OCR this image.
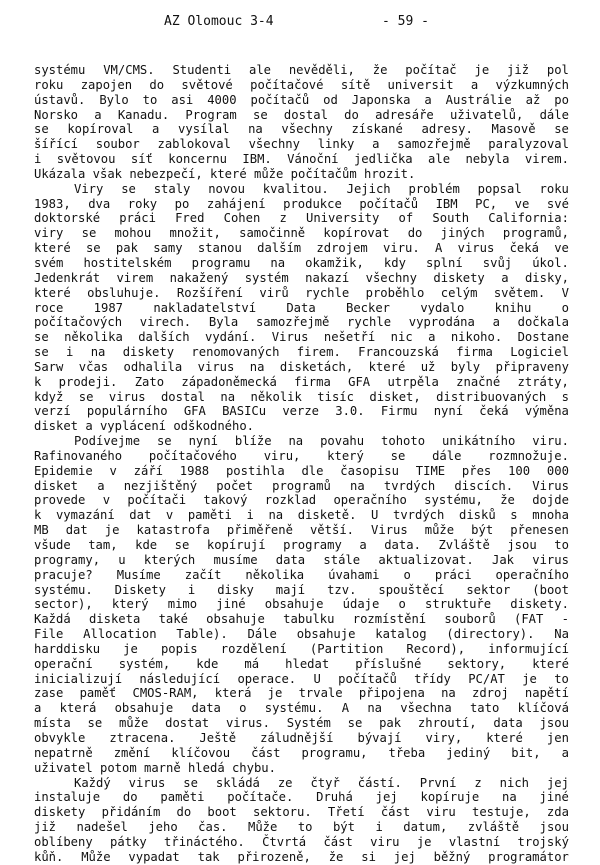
AZ Olomouc 3-4	- 59 -
systému VM/CMS. Studenti ale nevěděli, že počítač je již pol
roku zapojen do světové počítačové sítě universit a výzkumných
ústavů. Bylo to asi 4000 počítačů od Japonska a Austrálie až po
Norsko a Kanadu. Program se dostal do adresáře uživatelů, dále
se kopíroval a vysílal na všechny získané adresy. Masově se
šířící soubor zablokoval všechny linky a samozřejmě paralyzoval
i světovou síť koncernu IBM. Vánoční jedlička ale nebyla virem.
Ukázala však nebezpečí, které může počítačům hrozit.
Viry se staly novou kvalitou. Jejich problém popsal roku
1983, dva roky po zahájení produkce počítačů IBM PC, ve své
doktorské práci Fred Cohen z University of South California:
viry se mohou množit, samočinně kopírovat do jiných programů,
které se pak samy stanou dalším zdrojem viru. A virus čeká ve
svém hostitelském programu na okamžik, kdy splní svůj úkol.
Jedenkrát virem nakažený systém nakazí všechny diskety a disky,
které obsluhuje. Rozšíření virů rychle proběhlo celým světem. V
roce 1987 nakladatelství Data Becker vydalo knihu o
počítačových virech. Byla samozřejmě rychle vyprodána a dočkala
se několika dalších vydání. Virus nešetří nic a nikoho. Dostane
se i na diskety renomovaných firem. Francouzská firma Logiciel
Sarw včas odhalila virus na disketách, které už byly připraveny
k prodeji. Zato západoněmecká firma GFA utrpěla značné ztráty,
když se virus dostal na několik tisíc disket, distribuovaných s
verzí populárního GFA BASICu verze 3.0. Firmu nyní čeká výměna
disket a vyplácení odškodného.
Podívejme se nyní blíže na povahu tohoto unikátního viru.
Rafinovaného počítačového viru, který se dále rozmnožuje.
Epidemie v září 1988 postihla dle časopisu TIME přes 100 000
disket a nezjištěný počet programů na tvrdých discích. Virus
provede v počítači takový rozklad operačního systému, že dojde
k vymazání dat v paměti i na disketě. U tvrdých disků s mnoha
MB dat je katastrofa přiměřeně větší. Virus může být přenesen
všude tam, kde se kopírují programy a data. Zvláště jsou to
programy, u kterých musíme data stále aktualizovat. Jak virus
pracuje? Musíme začít několika úvahami o práci operačního
systému. Diskety i disky mají tzv. spouštěcí sektor (boot
sector), který mimo jiné obsahuje údaje o struktuře diskety.
Každá disketa také obsahuje tabulku rozmístění souborů (FAT -
File Allocation Table). Dále obsahuje katalog (directory). Na
harddisku je popis rozdělení (Partition Record), informující
operační systém, kde má hledat příslušné sektory, které
inicializují následující operace. U počítačů třídy PC/AT je to
zase paměť CMOS-RAM, která je trvale připojena na zdroj napětí
a která obsahuje data o systému. A na všechna tato klíčová
místa se může dostat virus. Systém se pak zhroutí, data jsou
obvykle ztracena. Ještě záludnější bývají viry, které jen
nepatrně změní klíčovou část programu, třeba jediný bit, a
uživatel potom marně hledá chybu.
Každý virus se skládá ze čtyř částí. První z nich jej
instaluje do paměti počítače. Druhá jej kopíruje na jiné
diskety přidáním do boot sektoru. Třetí část viru testuje, zda
již nadešel jeho čas. Může to být i datum, zvláště jsou
oblíbeny pátky třináctého. Čtvrtá část viru je vlastní trojský
kůň. Může vypadat tak přirozeně, že si jej běžný programátor
